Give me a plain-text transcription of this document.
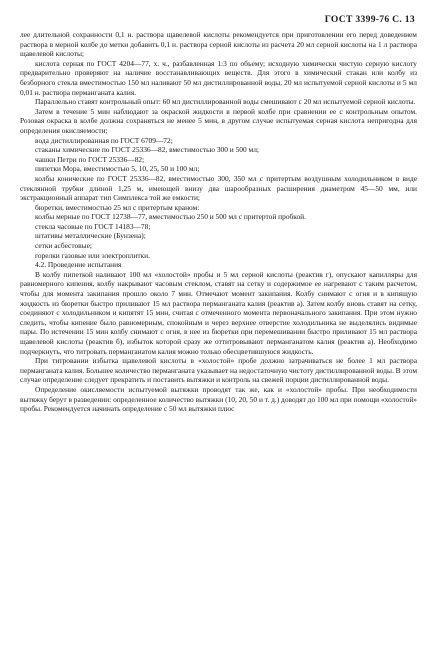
ГОСТ 3399-76 С. 13

лее длительной сохранности 0,1 н. раствора щавелевой кислоты рекомендуется при приготовлении его перед доведением раствора в мерной колбе до метки добавить 0,1 н. раствора серной кислоты из расчета 20 мл серной кислоты на 1 л раствора щавелевой кислоты;

кислота серная по ГОСТ 4204—77, х. ч., разбавленная 1:3 по объему; исходную химически чистую серную кислоту предварительно проверяют на наличие восстанавливающих веществ. Для этого в химический стакан или колбу из безборного стекла вместимостью 150 мл наливают 50 мл дистиллированной воды, 20 мл испытуемой серной кислоты и 5 мл 0,01 н. раствора перманганата калия.

Параллельно ставят контрольный опыт: 60 мл дистиллированной воды смешивают с 20 мл испытуемой серной кислоты.

Затем в течение 5 мин наблюдают за окраской жидкости в первой колбе при сравнении ее с контрольным опытом. Розовая окраска в колбе должна сохраняться не менее 5 мин, в другом случае испытуемая серная кислота непригодна для определения окисляемости;

вода дистиллированная по ГОСТ 6709—72;

стаканы химические по ГОСТ 25336—82, вместимостью 300 и 500 мл;

чашки Петри по ГОСТ 25336—82;

пипетки Мора, вместимостью 5, 10, 25, 50 и 100 мл;

колбы конические по ГОСТ 25336—82, вместимостью 300, 350 мл с притертым воздушным холодильником в виде стеклянной трубки длиной 1,25 м, имеющей внизу два шарообразных расширения диаметром 45—50 мм, или экстракционный аппарат тип Симплекса той же емкости;

бюретки, вместимостью 25 мл с притертым краном:

колбы мерные по ГОСТ 12738—77, вместимостью 250 и 500 мл с притертой пробкой.

стекла часовые по ГОСТ 14183—78;

штативы металлические (Бунзена);

сетки асбестовые;

горелки газовые или электроплитки.

4.2. Проведение испытания

В колбу пипеткой наливают 100 мл «холостой» пробы и 5 мл серной кислоты (реактив г), опускают капилляры для равномерного кипения, колбу накрывают часовым стеклом, ставят на сетку и содержимое ее нагревают с таким расчетом, чтобы для момента закипания прошло около 7 мин. Отмечают момент закипания. Колбу снимают с огня и в кипящую жидкость из бюретки быстро приливают 15 мл раствора перманганата калия (реактив а). Затем колбу вновь ставят на сетку, соединяют с холодильником и кипятят 15 мин, считая с отмеченного момента первоначального закипания. При этом нужно следить, чтобы кипение было равномерным, спокойным и через верхнее отверстие холодильника не выделялись видимые пары. По истечении 15 мин колбу снимают с огня, в нее из бюретки при перемешивании быстро приливают 15 мл раствора щавелевой кислоты (реактив б), избыток которой сразу же оттитровывают перманганатом калия (реактив а). Необходимо подчеркнуть, что титровать перманганатом калия можно только обесцветившуюся жидкость.

При титровании избытка щавелевой кислоты в «холостой» пробе должно затрачиваться не более 1 мл раствора перманганата калия. Большее количество перманганата указывает на недостаточную чистоту дистиллированной воды. В этом случае определение следует прекратить и поставить вытяжки и контроль на свежей порции дистиллированной воды.

Определение окисляемости испытуемой вытяжки проводят так же, как и «холостой» пробы. При необходимости вытяжку берут в разведении: определенное количество вытяжки (10, 20, 50 и т. д.) доводят до 100 мл при помощи «холостой» пробы. Рекомендуется начинать определение с 50 мл вытяжки плюс
